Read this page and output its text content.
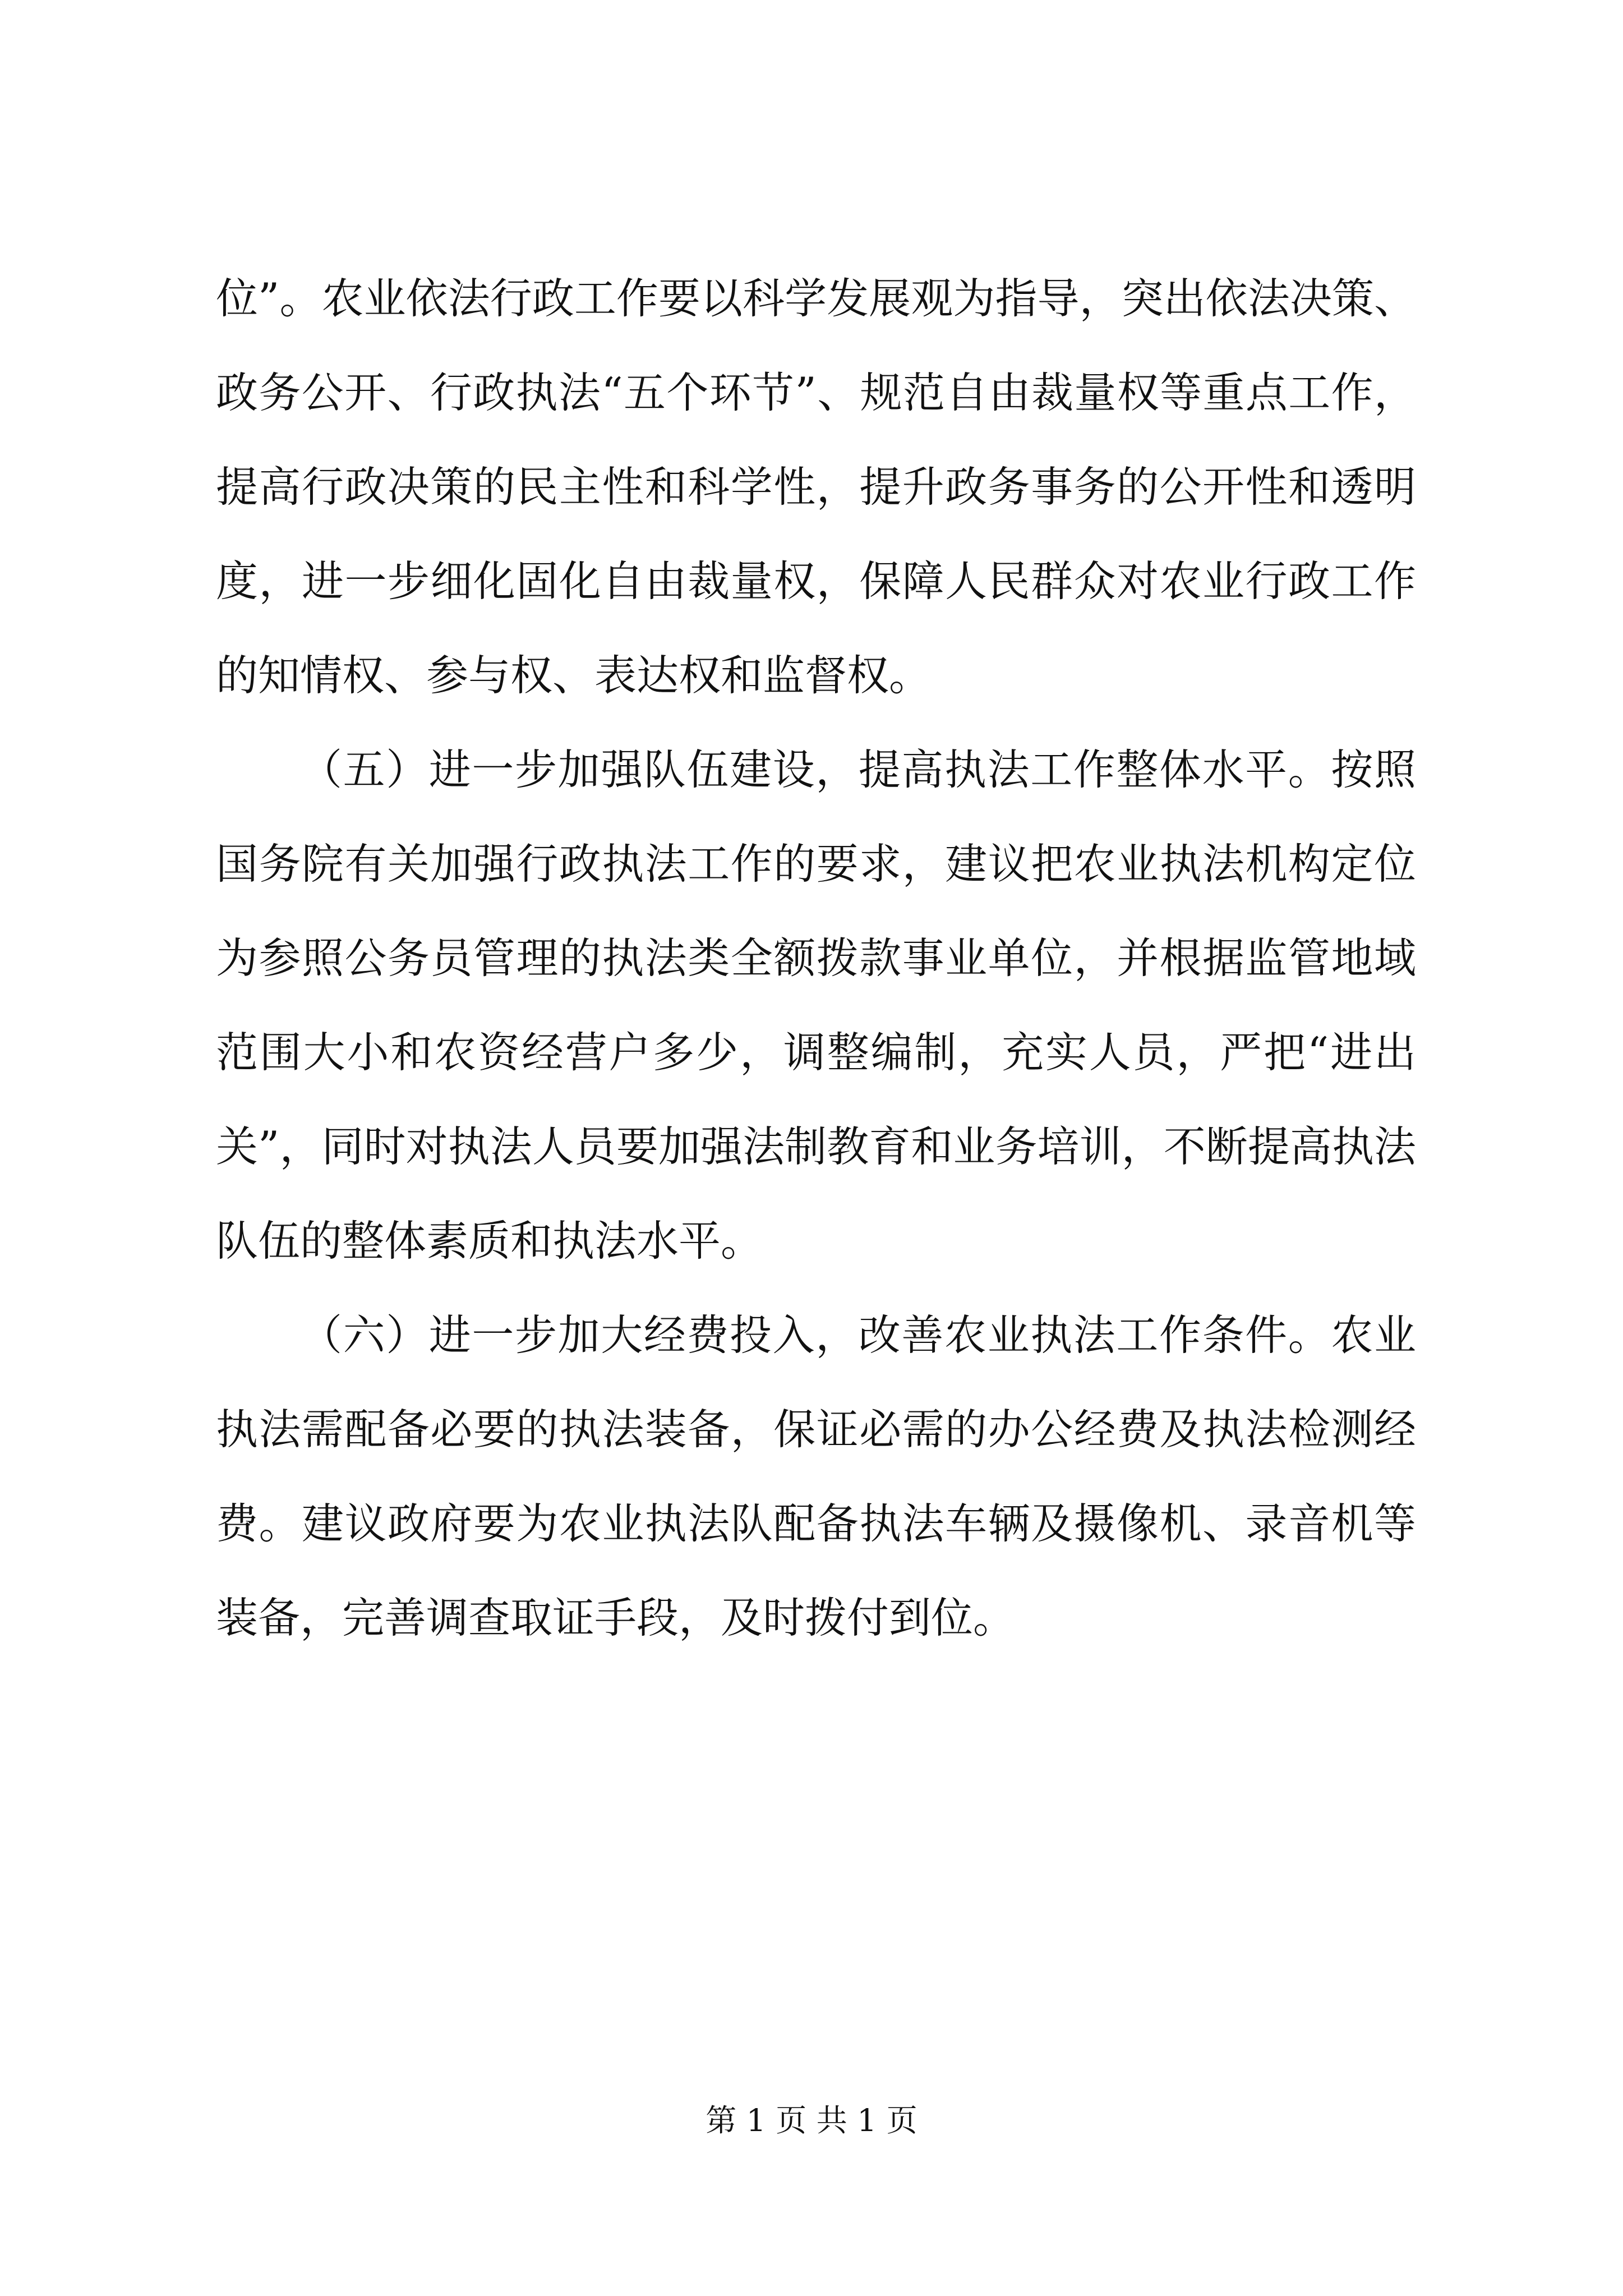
位”。农业依法行政工作要以科学发展观为指导，突出依法决策、政务公开、行政执法“五个环节”、规范自由裁量权等重点工作，提高行政决策的民主性和科学性，提升政务事务的公开性和透明度，进一步细化固化自由裁量权，保障人民群众对农业行政工作的知情权、参与权、表达权和监督权。

（五）进一步加强队伍建设，提高执法工作整体水平。按照国务院有关加强行政执法工作的要求，建议把农业执法机构定位为参照公务员管理的执法类全额拨款事业单位，并根据监管地域范围大小和农资经营户多少，调整编制，充实人员，严把“进出关”，同时对执法人员要加强法制教育和业务培训，不断提高执法队伍的整体素质和执法水平。

（六）进一步加大经费投入，改善农业执法工作条件。农业执法需配备必要的执法装备，保证必需的办公经费及执法检测经费。建议政府要为农业执法队配备执法车辆及摄像机、录音机等装备，完善调查取证手段，及时拨付到位。

第 1 页 共 1 页
